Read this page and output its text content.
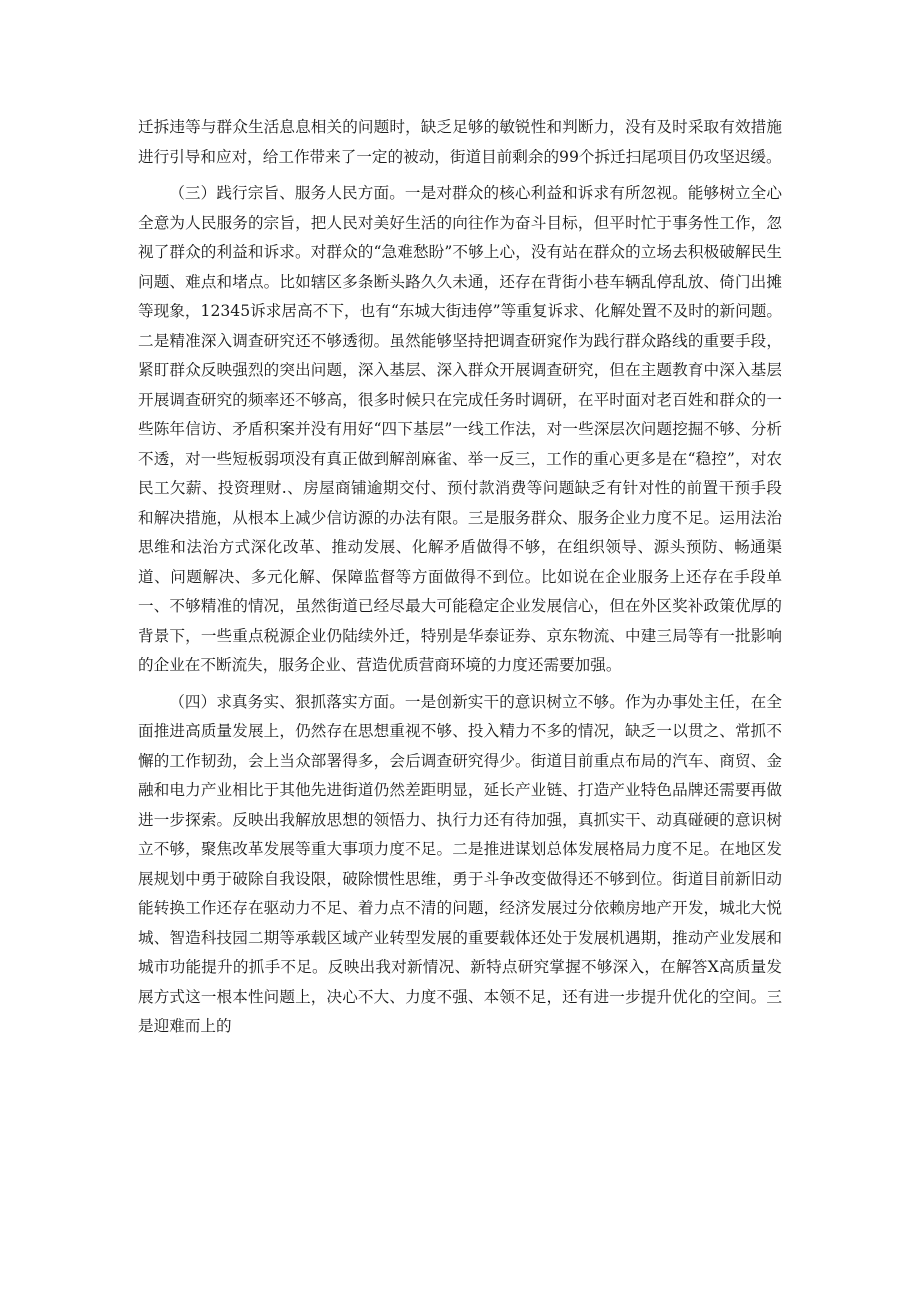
迁拆违等与群众生活息息相关的问题时，缺乏足够的敏锐性和判断力，没有及时采取有效措施进行引导和应对，给工作带来了一定的被动，街道目前剩余的99个拆迁扫尾项目仍攻坚迟缓。

（三）践行宗旨、服务人民方面。一是对群众的核心利益和诉求有所忽视。能够树立全心全意为人民服务的宗旨，把人民对美好生活的向往作为奋斗目标，但平时忙于事务性工作，忽视了群众的利益和诉求。对群众的“急难愁盼”不够上心，没有站在群众的立场去积极破解民生问题、难点和堵点。比如辖区多条断头路久久未通，还存在背街小巷车辆乱停乱放、倚门出摊等现象，12345诉求居高不下，也有“东城大街违停”等重复诉求、化解处置不及时的新问题。二是精准深入调查研究还不够透彻。虽然能够坚持把调查研窕作为践行群众路线的重要手段，紧盯群众反映强烈的突出问题，深入基层、深入群众开展调查研究，但在主题教育中深入基层开展调查研究的频率还不够高，很多时候只在完成任务时调研，在平时面对老百姓和群众的一些陈年信访、矛盾积案并没有用好“四下基层”一线工作法，对一些深层次问题挖掘不够、分析不透，对一些短板弱项没有真正做到解剖麻雀、举一反三，工作的重心更多是在“稳控”，对农民工欠薪、投资理财.、房屋商铺逾期交付、预付款消费等问题缺乏有针对性的前置干预手段和解决措施，从根本上减少信访源的办法有限。三是服务群众、服务企业力度不足。运用法治思维和法治方式深化改革、推动发展、化解矛盾做得不够，在组织领导、源头预防、畅通渠道、问题解决、多元化解、保障监督等方面做得不到位。比如说在企业服务上还存在手段单一、不够精准的情况，虽然街道已经尽最大可能稳定企业发展信心，但在外区奖补政策优厚的背景下，一些重点税源企业仍陆续外迁，特别是华泰证券、京东物流、中建三局等有一批影响的企业在不断流失，服务企业、营造优质营商环境的力度还需要加强。

（四）求真务实、狠抓落实方面。一是创新实干的意识树立不够。作为办事处主任，在全面推进高质量发展上，仍然存在思想重视不够、投入精力不多的情况，缺乏一以贯之、常抓不懈的工作韧劲，会上当众部署得多，会后调查研究得少。街道目前重点布局的汽车、商贸、金融和电力产业相比于其他先进街道仍然差距明显，延长产业链、打造产业特色品牌还需要再做进一步探索。反映出我解放思想的领悟力、执行力还有待加强，真抓实干、动真碰硬的意识树立不够，聚焦改革发展等重大事项力度不足。二是推进谋划总体发展格局力度不足。在地区发展规划中勇于破除自我设限，破除惯性思维，勇于斗争改变做得还不够到位。街道目前新旧动能转换工作还存在驱动力不足、着力点不清的问题，经济发展过分依赖房地产开发，城北大悦城、智造科技园二期等承载区域产业转型发展的重要载体还处于发展机遇期，推动产业发展和城市功能提升的抓手不足。反映出我对新情况、新特点研究掌握不够深入，在解答X高质量发展方式这一根本性问题上，决心不大、力度不强、本领不足，还有进一步提升优化的空间。三是迎难而上的
